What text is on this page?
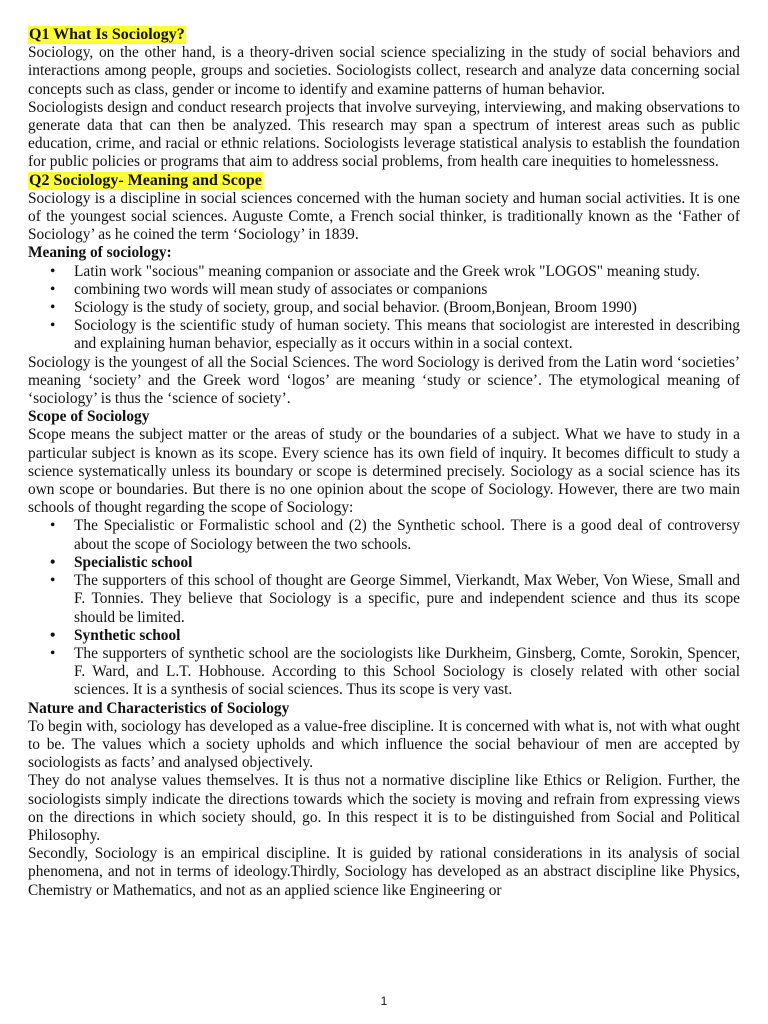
Q1 What Is Sociology?

Sociology, on the other hand, is a theory-driven social science specializing in the study of social behaviors and interactions among people, groups and societies. Sociologists collect, research and analyze data concerning social concepts such as class, gender or income to identify and examine patterns of human behavior.

Sociologists design and conduct research projects that involve surveying, interviewing, and making observations to generate data that can then be analyzed. This research may span a spectrum of interest areas such as public education, crime, and racial or ethnic relations. Sociologists leverage statistical analysis to establish the foundation for public policies or programs that aim to address social problems, from health care inequities to homelessness.

Q2 Sociology- Meaning and Scope

Sociology is a discipline in social sciences concerned with the human society and human social activities. It is one of the youngest social sciences. Auguste Comte, a French social thinker, is traditionally known as the ‘Father of Sociology’ as he coined the term ‘Sociology’ in 1839.

Meaning of sociology:
• Latin work "socious" meaning companion or associate and the Greek wrok "LOGOS" meaning study.
• combining two words will mean study of associates or companions
• Sciology is the study of society, group, and social behavior. (Broom,Bonjean, Broom 1990)
• Sociology is the scientific study of human society. This means that sociologist are interested in describing and explaining human behavior, especially as it occurs within in a social context.

Sociology is the youngest of all the Social Sciences. The word Sociology is derived from the Latin word ‘societies’ meaning ‘society’ and the Greek word ‘logos’ are meaning ‘study or science’. The etymological meaning of ‘sociology’ is thus the ‘science of society’.

Scope of Sociology

Scope means the subject matter or the areas of study or the boundaries of a subject. What we have to study in a particular subject is known as its scope. Every science has its own field of inquiry. It becomes difficult to study a science systematically unless its boundary or scope is determined precisely. Sociology as a social science has its own scope or boundaries. But there is no one opinion about the scope of Sociology. However, there are two main schools of thought regarding the scope of Sociology:

• The Specialistic or Formalistic school and (2) the Synthetic school. There is a good deal of controversy about the scope of Sociology between the two schools.
• Specialistic school
• The supporters of this school of thought are George Simmel, Vierkandt, Max Weber, Von Wiese, Small and F. Tonnies. They believe that Sociology is a specific, pure and independent science and thus its scope should be limited.
• Synthetic school
• The supporters of synthetic school are the sociologists like Durkheim, Ginsberg, Comte, Sorokin, Spencer, F. Ward, and L.T. Hobhouse. According to this School Sociology is closely related with other social sciences. It is a synthesis of social sciences. Thus its scope is very vast.
Nature and Characteristics of Sociology

To begin with, sociology has developed as a value-free discipline. It is concerned with what is, not with what ought to be. The values which a society upholds and which influence the social behaviour of men are accepted by sociologists as facts’ and analysed objectively.

They do not analyse values themselves. It is thus not a normative discipline like Ethics or Religion. Further, the sociologists simply indicate the directions towards which the society is moving and refrain from expressing views on the directions in which society should, go. In this respect it is to be distinguished from Social and Political Philosophy.

Secondly, Sociology is an empirical discipline. It is guided by rational considerations in its analysis of social phenomena, and not in terms of ideology.Thirdly, Sociology has developed as an abstract discipline like Physics, Chemistry or Mathematics, and not as an applied science like Engineering or

1
